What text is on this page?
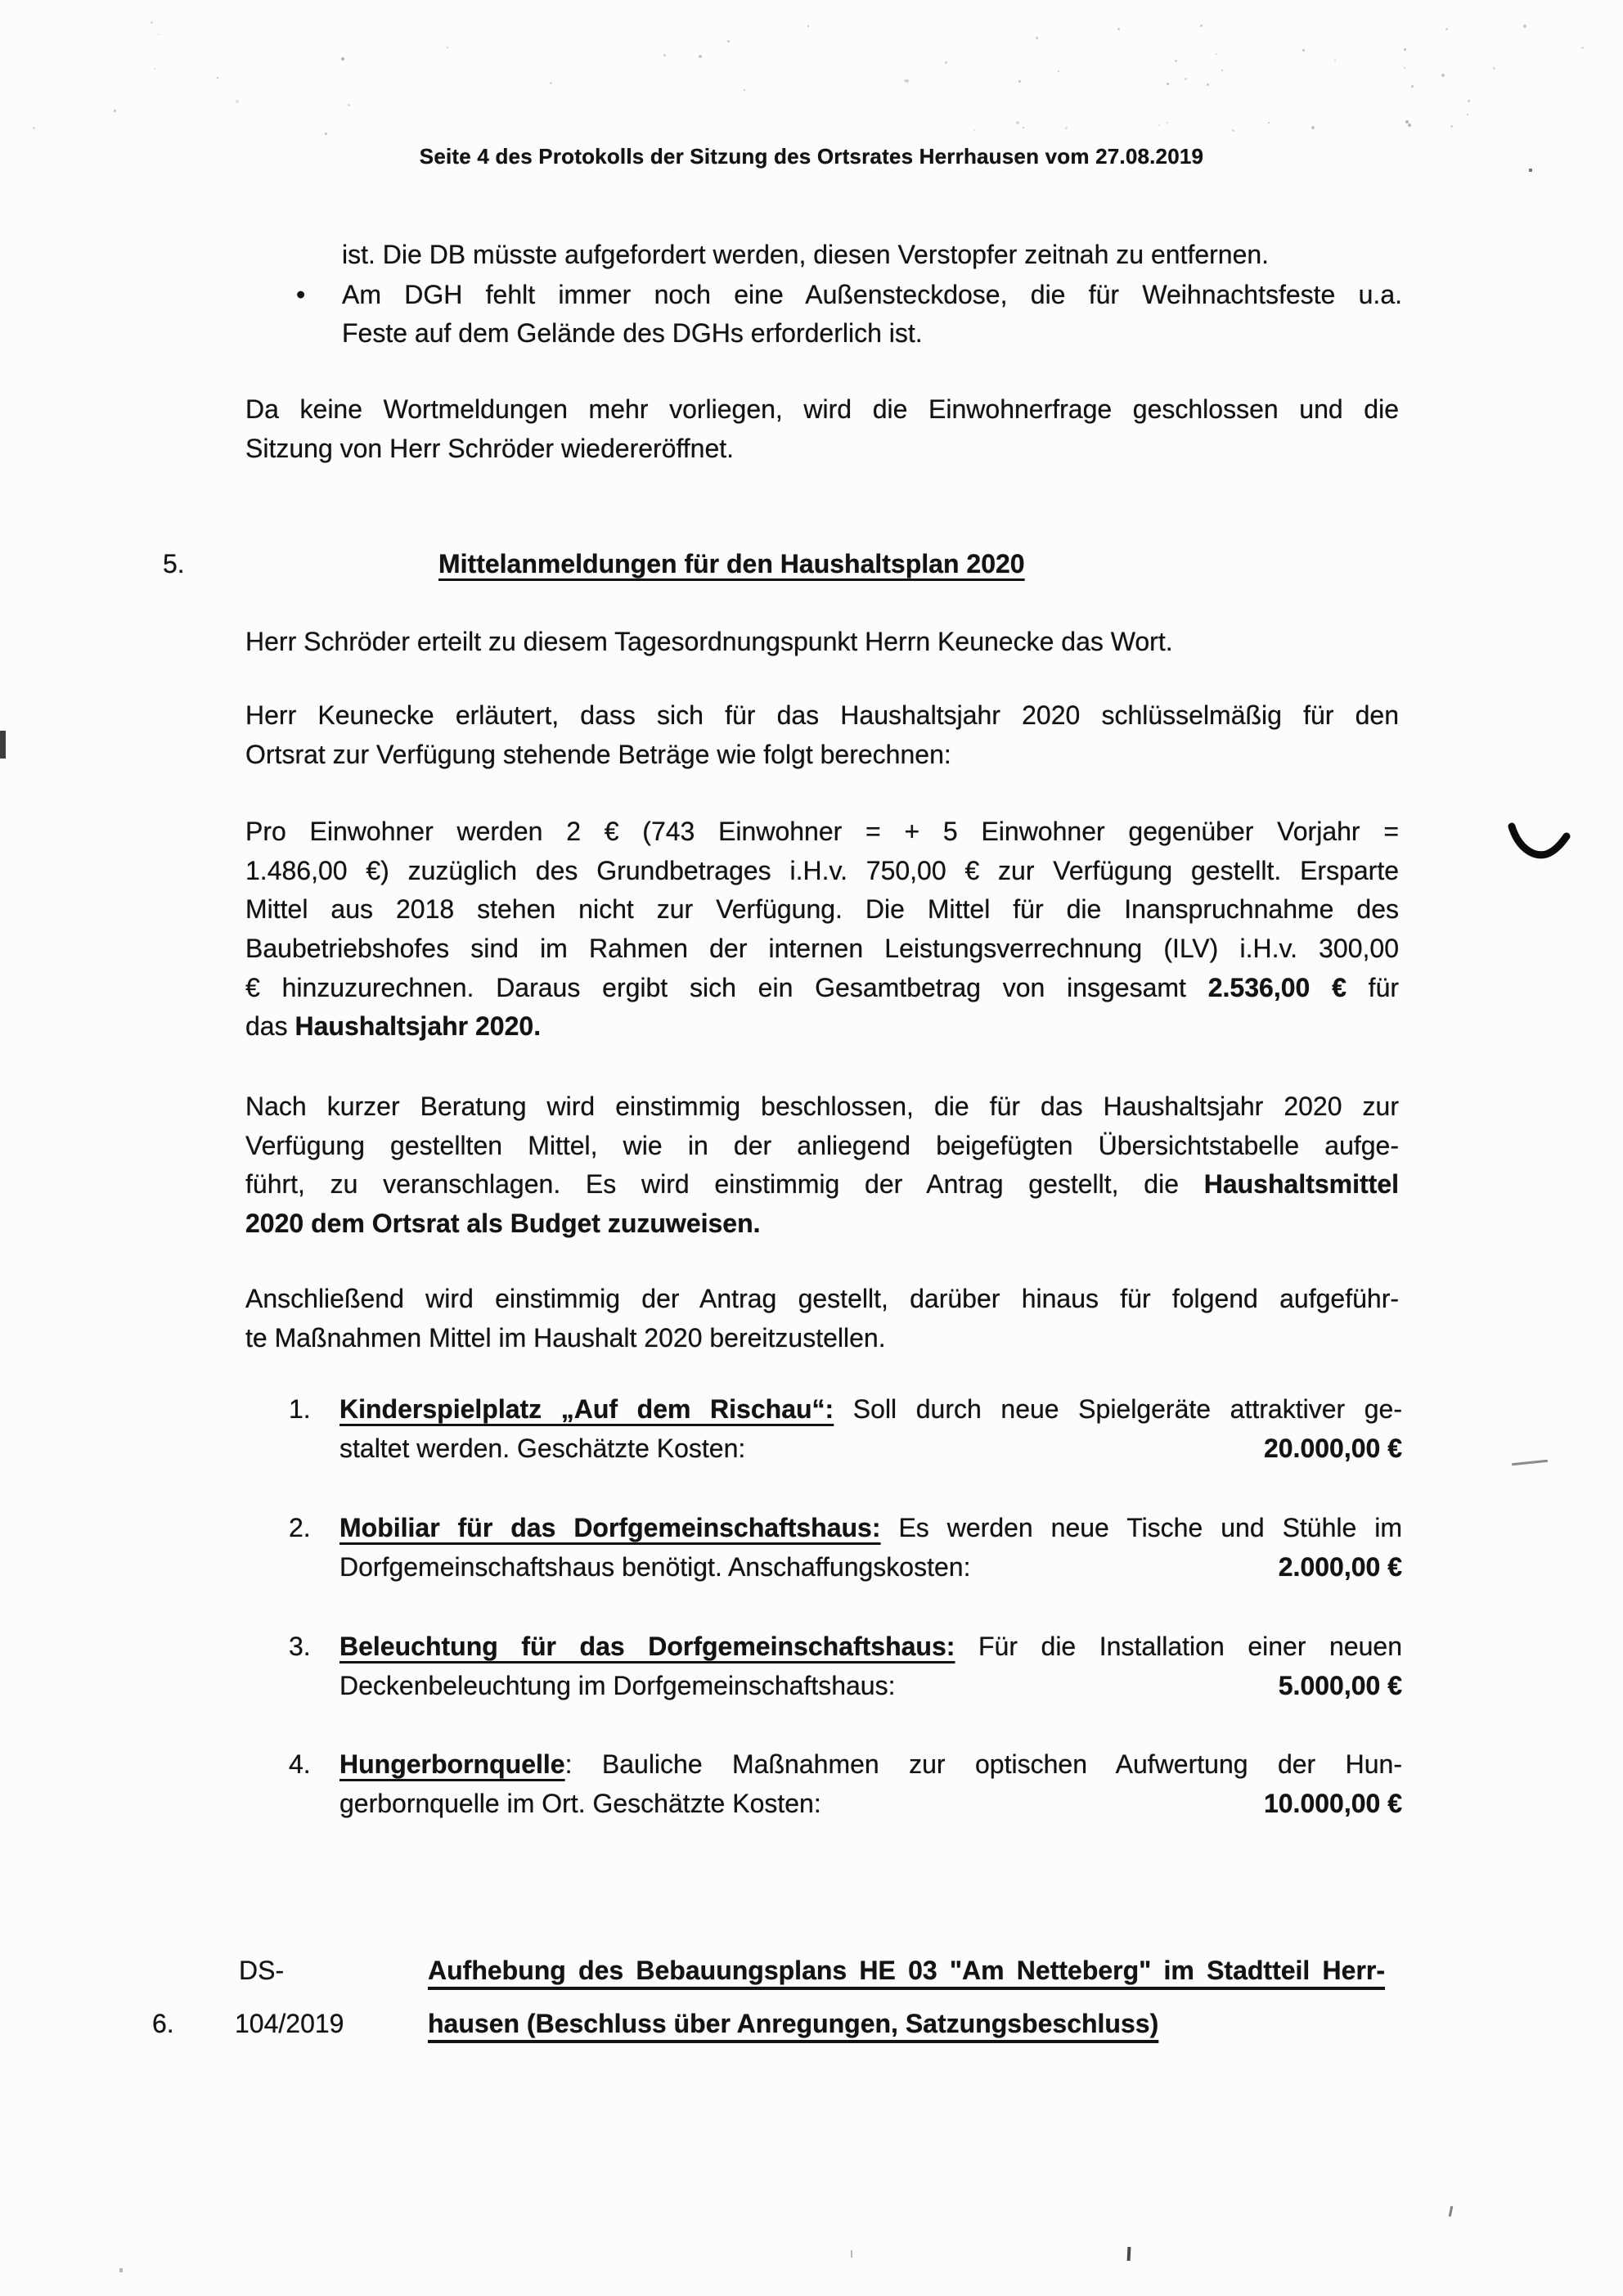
Seite 4 des Protokolls der Sitzung des Ortsrates Herrhausen vom 27.08.2019
ist. Die DB müsste aufgefordert werden, diesen Verstopfer zeitnah zu entfernen.
• Am DGH fehlt immer noch eine Außensteckdose, die für Weihnachtsfeste u.a.
Feste auf dem Gelände des DGHs erforderlich ist.
Da keine Wortmeldungen mehr vorliegen, wird die Einwohnerfrage geschlossen und die
Sitzung von Herr Schröder wiedereröffnet.
5.	Mittelanmeldungen für den Haushaltsplan 2020
Herr Schröder erteilt zu diesem Tagesordnungspunkt Herrn Keunecke das Wort.
Herr Keunecke erläutert, dass sich für das Haushaltsjahr 2020 schlüsselmäßig für den
Ortsrat zur Verfügung stehende Beträge wie folgt berechnen:
Pro Einwohner werden 2 € (743 Einwohner = + 5 Einwohner gegenüber Vorjahr =
1.486,00 €) zuzüglich des Grundbetrages i.H.v. 750,00 € zur Verfügung gestellt. Ersparte
Mittel aus 2018 stehen nicht zur Verfügung. Die Mittel für die Inanspruchnahme des
Baubetriebshofes sind im Rahmen der internen Leistungsverrechnung (ILV) i.H.v. 300,00
€ hinzuzurechnen. Daraus ergibt sich ein Gesamtbetrag von insgesamt 2.536,00 € für
das Haushaltsjahr 2020.
Nach kurzer Beratung wird einstimmig beschlossen, die für das Haushaltsjahr 2020 zur
Verfügung gestellten Mittel, wie in der anliegend beigefügten Übersichtstabelle aufge-
führt, zu veranschlagen. Es wird einstimmig der Antrag gestellt, die Haushaltsmittel
2020 dem Ortsrat als Budget zuzuweisen.
Anschließend wird einstimmig der Antrag gestellt, darüber hinaus für folgend aufgeführ-
te Maßnahmen Mittel im Haushalt 2020 bereitzustellen.
1. Kinderspielplatz „Auf dem Rischau“: Soll durch neue Spielgeräte attraktiver ge-
staltet werden. Geschätzte Kosten:	20.000,00 €
2. Mobiliar für das Dorfgemeinschaftshaus: Es werden neue Tische und Stühle im
Dorfgemeinschaftshaus benötigt. Anschaffungskosten:	2.000,00 €
3. Beleuchtung für das Dorfgemeinschaftshaus: Für die Installation einer neuen
Deckenbeleuchtung im Dorfgemeinschaftshaus:	5.000,00 €
4. Hungerbornquelle: Bauliche Maßnahmen zur optischen Aufwertung der Hun-
gerbornquelle im Ort. Geschätzte Kosten:	10.000,00 €
DS-	Aufhebung des Bebauungsplans HE 03 "Am Netteberg" im Stadtteil Herr-
6. 104/2019	hausen (Beschluss über Anregungen, Satzungsbeschluss)
